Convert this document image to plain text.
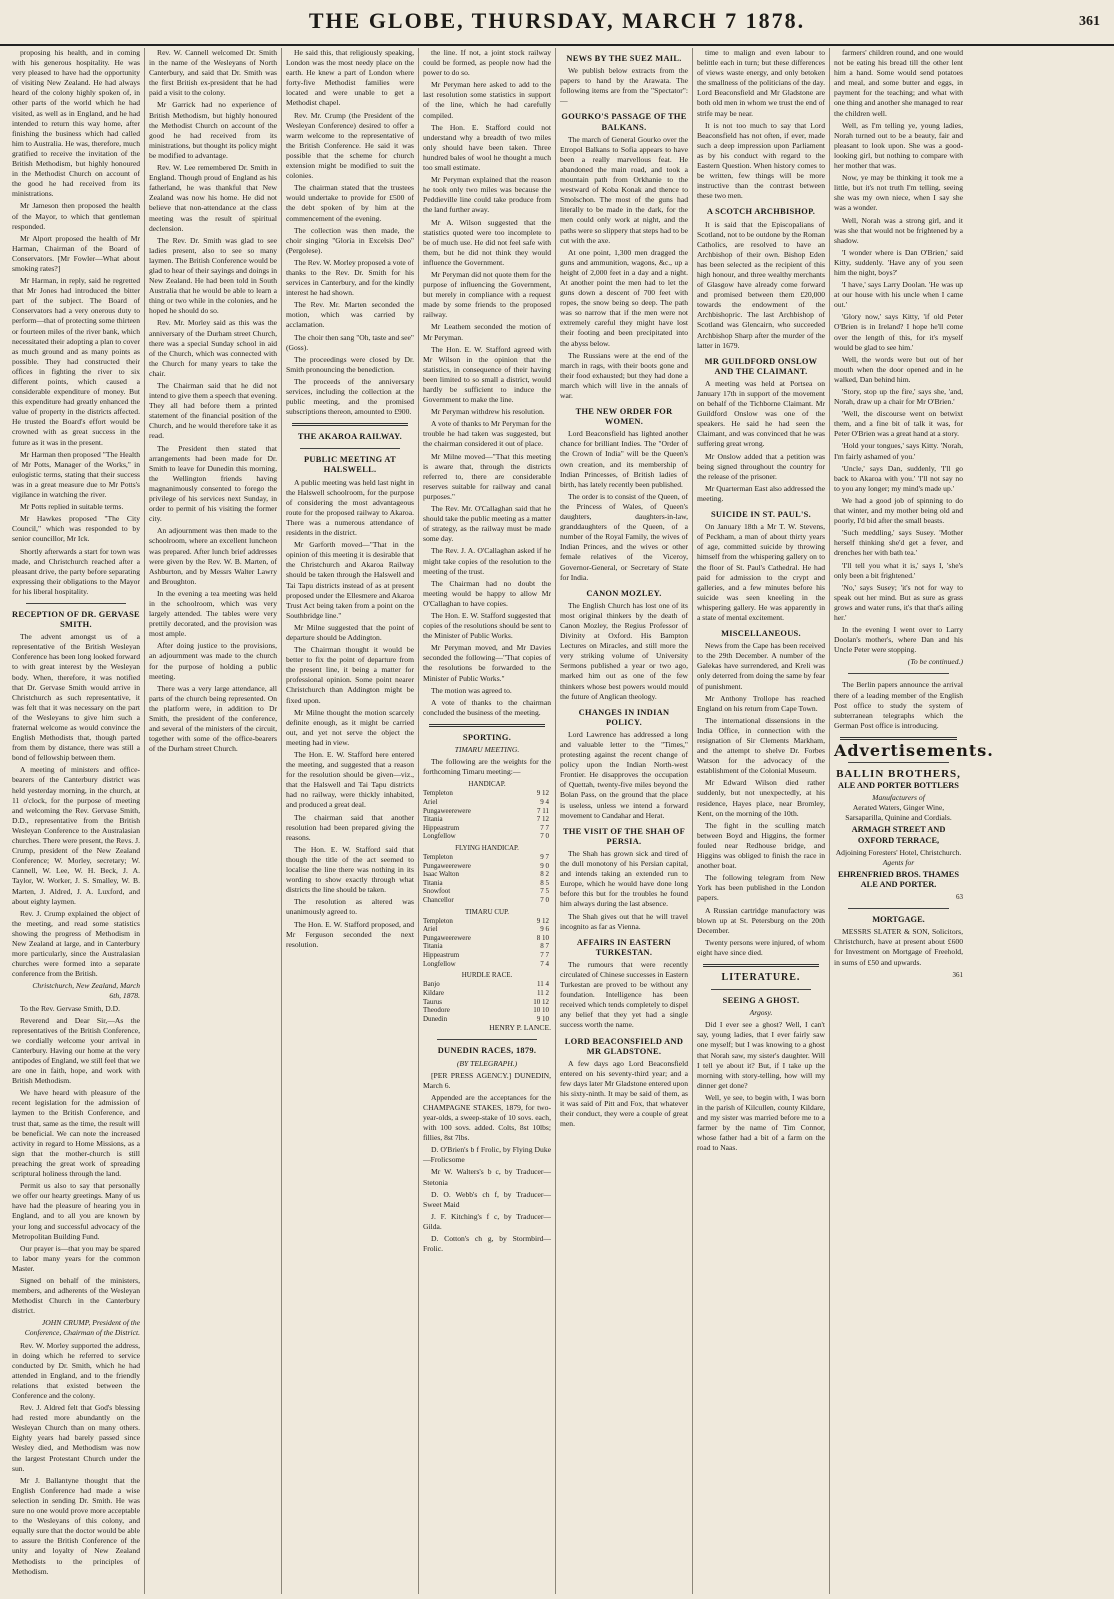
THE GLOBE, THURSDAY, MARCH 7 1878.	361

proposing his health, and in coming with his generous hospitality. He was very pleased to have had the opportunity of visiting New Zealand. He had always heard of the colony highly spoken of, in other parts of the world which he had visited, as well as in England, and he had intended to return this way home, after finishing the business which had called him to Australia. He was, therefore, much gratified to receive the invitation of the British Methodism, but highly honoured in the Methodist Church on account of the good he had received from its ministrations.

Mr Jameson then proposed the health of the Mayor, to which that gentleman responded.

Mr Alport proposed the health of Mr Harman, Chairman of the Board of Conservators. [Mr Fowler—What about smoking rates?]

Mr Harman, in reply, said he regretted that Mr Jones had introduced the bitter part of the subject. The Board of Conservators had a very onerous duty to perform—that of protecting some thirteen or fourteen miles of the river bank, which necessitated their adopting a plan to cover as much ground and as many points as possible. They had constructed their offices in fighting the river to six different points, which caused a considerable expenditure of money. But this expenditure had greatly enhanced the value of property in the districts affected. He trusted the Board's effort would be crowned with as great success in the future as it was in the present.

Mr Harman then proposed "The Health of Mr Potts, Manager of the Works," in eulogistic terms, stating that their success was in a great measure due to Mr Potts's vigilance in watching the river.

Mr Potts replied in suitable terms.

Mr Hawkes proposed "The City Council," which was responded to by senior councillor, Mr Ick.

Shortly afterwards a start for town was made, and Christchurch reached after a pleasant drive, the party before separating expressing their obligations to the Mayor for his liberal hospitality.

RECEPTION OF DR. GERVASE SMITH.

The advent amongst us of a representative of the British Wesleyan Conference has been long looked forward to with great interest by the Wesleyan body. When, therefore, it was notified that Dr. Gervase Smith would arrive in Christchurch as such representative, it was felt that it was necessary on the part of the Wesleyans to give him such a fraternal welcome as would convince the English Methodists that, though parted from them by distance, there was still a bond of fellowship between them.

A meeting of ministers and office-bearers of the Canterbury district was held yesterday morning, in the church, at 11 o'clock, for the purpose of meeting and welcoming the Rev. Gervase Smith, D.D., representative from the British Wesleyan Conference to the Australasian churches. There were present, the Revs. J. Crump, president of the New Zealand Conference; W. Morley, secretary; W. Cannell, W. Lee, W. H. Beck, J. A. Taylor, W. Worker, J. S. Smalley, W. B. Marten, J. Aldred, J. A. Luxford, and about eighty laymen.

Rev. J. Crump explained the object of the meeting, and read some statistics showing the progress of Methodism in New Zealand at large, and in Canterbury more particularly, since the Australasian churches were formed into a separate conference from the British.

Christchurch, New Zealand, March 6th, 1878.

To the Rev. Gervase Smith, D.D.

Reverend and Dear Sir,—As the representatives of the British Conference, we cordially welcome your arrival in Canterbury. Having our home at the very antipodes of England, we still feel that we are one in faith, hope, and work with British Methodism.

We have heard with pleasure of the recent legislation for the admission of laymen to the British Conference, and trust that, same as the time, the result will be beneficial. We can note the increased activity in regard to Home Missions, as a sign that the mother-church is still preaching the great work of spreading scriptural holiness through the land.

Permit us also to say that personally we offer our hearty greetings. Many of us have had the pleasure of hearing you in England, and to all you are known by your long and successful advocacy of the Metropolitan Building Fund.

Our prayer is—that you may be spared to labor many years for the common Master.

Signed on behalf of the ministers, members, and adherents of the Wesleyan Methodist Church in the Canterbury district.

JOHN CRUMP, President of the Conference, Chairman of the District.

Rev. W. Morley supported the address, in doing which he referred to service conducted by Dr. Smith, which he had attended in England, and to the friendly relations that existed between the Conference and the colony.

Rev. J. Aldred felt that God's blessing had rested more abundantly on the Wesleyan Church than on many others. Eighty years had barely passed since Wesley died, and Methodism was now the largest Protestant Church under the sun.

Mr J. Ballantyne thought that the English Conference had made a wise selection in sending Dr. Smith. He was sure no one would prove more acceptable to the Wesleyans of this colony, and equally sure that the doctor would be able to assure the British Conference of the unity and loyalty of New Zealand Methodists to the principles of Methodism.

Rev. W. Cannell welcomed Dr. Smith in the name of the Wesleyans of North Canterbury, and said that Dr. Smith was the first British ex-president that he had paid a visit to the colony.

Mr Garrick had no experience of British Methodism, but highly honoured the Methodist Church on account of the good he had received from its ministrations, but thought its policy might be modified to advantage.

Rev. W. Lee remembered Dr. Smith in England. Though proud of England as his fatherland, he was thankful that New Zealand was now his home. He did not believe that non-attendance at the class meeting was the result of spiritual declension.

The Rev. Dr. Smith was glad to see ladies present, also to see so many laymen. The British Conference would be glad to hear of their sayings and doings in New Zealand. He had been told in South Australia that he would be able to learn a thing or two while in the colonies, and he hoped he should do so.

Rev. Mr. Morley said as this was the anniversary of the Durham street Church, there was a special Sunday school in aid of the Church, which was connected with the Church for many years to take the chair.

The Chairman said that he did not intend to give them a speech that evening. They all had before them a printed statement of the financial position of the Church, and he would therefore take it as read.

The President then stated that arrangements had been made for Dr. Smith to leave for Dunedin this morning, the Wellington friends having magnanimously consented to forego the privilege of his services next Sunday, in order to permit of his visiting the former city.

An adjournment was then made to the schoolroom, where an excellent luncheon was prepared. After lunch brief addresses were given by the Rev. W. B. Marten, of Ashburton, and by Messrs Walter Lawry and Broughton.

In the evening a tea meeting was held in the schoolroom, which was very largely attended. The tables were very prettily decorated, and the provision was most ample.

After doing justice to the provisions, an adjournment was made to the church for the purpose of holding a public meeting.

There was a very large attendance, all parts of the church being represented. On the platform were, in addition to Dr Smith, the president of the conference, and several of the ministers of the circuit, together with some of the office-bearers of the Durham street Church.

He said this, that religiously speaking, London was the most needy place on the earth. He knew a part of London where forty-five Methodist families were located and were unable to get a Methodist chapel.

Rev. Mr. Crump (the President of the Wesleyan Conference) desired to offer a warm welcome to the representative of the British Conference. He said it was possible that the scheme for church extension might be modified to suit the colonies.

The chairman stated that the trustees would undertake to provide for £500 of the debt spoken of by him at the commencement of the evening.

The collection was then made, the choir singing "Gloria in Excelsis Deo" (Pergolese).

The Rev. W. Morley proposed a vote of thanks to the Rev. Dr. Smith for his services in Canterbury, and for the kindly interest he had shown.

The Rev. Mr. Marten seconded the motion, which was carried by acclamation.

The choir then sang "Oh, taste and see" (Goss).

The proceedings were closed by Dr. Smith pronouncing the benediction.

The proceeds of the anniversary services, including the collection at the public meeting, and the promised subscriptions thereon, amounted to £900.

THE AKAROA RAILWAY.
PUBLIC MEETING AT HALSWELL.

A public meeting was held last night in the Halswell schoolroom, for the purpose of considering the most advantageous route for the proposed railway to Akaroa. There was a numerous attendance of residents in the district.

Mr Garforth moved—"That in the opinion of this meeting it is desirable that the Christchurch and Akaroa Railway should be taken through the Halswell and Tai Tapu districts instead of as at present proposed under the Ellesmere and Akaroa Trust Act being taken from a point on the Southbridge line."

Mr Milne suggested that the point of departure should be Addington.

The Chairman thought it would be better to fix the point of departure from the present line, it being a matter for professional opinion. Some point nearer Christchurch than Addington might be fixed upon.

Mr Milne thought the motion scarcely definite enough, as it might be carried out, and yet not serve the object the meeting had in view.

The Hon. E. W. Stafford here entered the meeting, and suggested that a reason for the resolution should be given—viz., that the Halswell and Tai Tapu districts had no railway, were thickly inhabited, and produced a great deal.

The chairman said that another resolution had been prepared giving the reasons.

The Hon. E. W. Stafford said that though the title of the act seemed to localise the line there was nothing in its wording to show exactly through what districts the line should be taken.

The resolution as altered was unanimously agreed to.

The Hon. E. W. Stafford proposed, and Mr Ferguson seconded the next resolution.

the line. If not, a joint stock railway could be formed, as people now had the power to do so.

Mr Peryman here asked to add to the last resolution some statistics in support of the line, which he had carefully compiled.

The Hon. E. Stafford could not understand why a breadth of two miles only should have been taken. Three hundred bales of wool he thought a much too small estimate.

Mr Peryman explained that the reason he took only two miles was because the Peddieville line could take produce from the land further away.

Mr A. Wilson suggested that the statistics quoted were too incomplete to be of much use. He did not feel safe with them, but he did not think they would influence the Government.

Mr Peryman did not quote them for the purpose of influencing the Government, but merely in compliance with a request made by some friends to the proposed railway.

Mr Leathem seconded the motion of Mr Peryman.

The Hon. E. W. Stafford agreed with Mr Wilson in the opinion that the statistics, in consequence of their having been limited to so small a district, would hardly be sufficient to induce the Government to make the line.

Mr Peryman withdrew his resolution.

A vote of thanks to Mr Peryman for the trouble he had taken was suggested, but the chairman considered it out of place.

Mr Milne moved—"That this meeting is aware that, through the districts referred to, there are considerable reserves suitable for railway and canal purposes."

The Rev. Mr. O'Callaghan said that he should take the public meeting as a matter of strategy, as the railway must be made some day.

The Rev. J. A. O'Callaghan asked if he might take copies of the resolution to the meeting of the trust.

The Chairman had no doubt the meeting would be happy to allow Mr O'Callaghan to have copies.

The Hon. E. W. Stafford suggested that copies of the resolutions should be sent to the Minister of Public Works.

Mr Peryman moved, and Mr Davies seconded the following—"That copies of the resolutions be forwarded to the Minister of Public Works."

The motion was agreed to.

A vote of thanks to the chairman concluded the business of the meeting.

SPORTING.
TIMARU MEETING.

The following are the weights for the forthcoming Timaru meeting:—

HANDICAP.
Templeton	9 12
Ariel	9 4
Pungaweerewere	7 11
Titania	7 12
Hippeastrum	7 7
Longfellow	7 0
FLYING HANDICAP.
Templeton	9 7
Pungaweerewere	9 0
Isaac Walton	8 2
Titania	8 5
Snowfoot	7 5
Chancellor	7 0
TIMARU CUP.
Templeton	9 12
Ariel	9 6
Pungaweerewere	8 10
Titania	8 7
Hippeastrum	7 7
Longfellow	7 4
HURDLE RACE.
Banjo	11 4
Kildare	11 2
Taurus	10 12
Theodore	10 10
Dunedin	9 10

HENRY P. LANCE.

DUNEDIN RACES, 1879.
(BY TELEGRAPH.)

[PER PRESS AGENCY.] DUNEDIN, March 6.

Appended are the acceptances for the CHAMPAGNE STAKES, 1879, for two-year-olds, a sweep-stake of 10 sovs. each, with 100 sovs. added. Colts, 8st 10lbs; fillies, 8st 7lbs.

D. O'Brien's b f Frolic, by Flying Duke—Frolicsome

Mr W. Walters's b c, by Traducer—Stetonia

D. O. Webb's ch f, by Traducer—Sweet Maid

J. F. Kitching's f c, by Traducer—Gilda.

D. Cotton's ch g, by Stormbird—Frolic.

NEWS BY THE SUEZ MAIL.

We publish below extracts from the papers to hand by the Arawata. The following items are from the "Spectator":—

GOURKO'S PASSAGE OF THE BALKANS.

The march of General Gourko over the Etropol Balkans to Sofia appears to have been a really marvellous feat. He abandoned the main road, and took a mountain path from Orkhanie to the westward of Koba Konak and thence to Smolschon. The most of the guns had literally to be made in the dark, for the men could only work at night, and the paths were so slippery that steps had to be cut with the axe.

At one point, 1,300 men dragged the guns and ammunition, wagons, &c., up a height of 2,000 feet in a day and a night. At another point the men had to let the guns down a descent of 700 feet with ropes, the snow being so deep. The path was so narrow that if the men were not extremely careful they might have lost their footing and been precipitated into the abyss below.

The Russians were at the end of the march in rags, with their boots gone and their food exhausted; but they had done a march which will live in the annals of war.

THE NEW ORDER FOR WOMEN.

Lord Beaconsfield has lighted another chance for brilliant Indies. The "Order of the Crown of India" will be the Queen's own creation, and its membership of Indian Princesses, of British ladies of birth, has lately recently been published.

The order is to consist of the Queen, of the Princess of Wales, of Queen's daughters, daughters-in-law, granddaughters of the Queen, of a number of the Royal Family, the wives of Indian Princes, and the wives or other female relatives of the Viceroy, Governor-General, or Secretary of State for India.

CANON MOZLEY.

The English Church has lost one of its most original thinkers by the death of Canon Mozley, the Regius Professor of Divinity at Oxford. His Bampton Lectures on Miracles, and still more the very striking volume of University Sermons published a year or two ago, marked him out as one of the few thinkers whose best powers would mould the future of Anglican theology.

CHANGES IN INDIAN POLICY.

Lord Lawrence has addressed a long and valuable letter to the "Times," protesting against the recent change of policy upon the Indian North-west Frontier. He disapproves the occupation of Quettah, twenty-five miles beyond the Bolan Pass, on the ground that the place is useless, unless we intend a forward movement to Candahar and Herat.

THE VISIT OF THE SHAH OF PERSIA.

The Shah has grown sick and tired of the dull monotony of his Persian capital, and intends taking an extended run to Europe, which he would have done long before this but for the troubles he found him always during the last absence.

The Shah gives out that he will travel incognito as far as Vienna.

AFFAIRS IN EASTERN TURKESTAN.

The rumours that were recently circulated of Chinese successes in Eastern Turkestan are proved to be without any foundation. Intelligence has been received which tends completely to dispel any belief that they yet had a single success worth the name.

LORD BEACONSFIELD AND MR GLADSTONE.

A few days ago Lord Beaconsfield entered on his seventy-third year; and a few days later Mr Gladstone entered upon his sixty-ninth. It may be said of them, as it was said of Pitt and Fox, that whatever their conduct, they were a couple of great men.

time to malign and even labour to belittle each in turn; but these differences of views waste energy, and only betoken the smallness of the politicians of the day. Lord Beaconsfield and Mr Gladstone are both old men in whom we trust the end of strife may be near.

It is not too much to say that Lord Beaconsfield has not often, if ever, made such a deep impression upon Parliament as by his conduct with regard to the Eastern Question. When history comes to be written, few things will be more instructive than the contrast between these two men.

A SCOTCH ARCHBISHOP.

It is said that the Episcopalians of Scotland, not to be outdone by the Roman Catholics, are resolved to have an Archbishop of their own. Bishop Eden has been selected as the recipient of this high honour, and three wealthy merchants of Glasgow have already come forward and promised between them £20,000 towards the endowment of the Archbishopric. The last Archbishop of Scotland was Glencairn, who succeeded Archbishop Sharp after the murder of the latter in 1679.

MR GUILDFORD ONSLOW AND THE CLAIMANT.

A meeting was held at Portsea on January 17th in support of the movement on behalf of the Tichborne Claimant. Mr Guildford Onslow was one of the speakers. He said he had seen the Claimant, and was convinced that he was suffering great wrong.

Mr Onslow added that a petition was being signed throughout the country for the release of the prisoner.

Mr Quarterman East also addressed the meeting.

SUICIDE IN ST. PAUL'S.

On January 18th a Mr T. W. Stevens, of Peckham, a man of about thirty years of age, committed suicide by throwing himself from the whispering gallery on to the floor of St. Paul's Cathedral. He had paid for admission to the crypt and galleries, and a few minutes before his suicide was seen kneeling in the whispering gallery. He was apparently in a state of mental excitement.

MISCELLANEOUS.

News from the Cape has been received to the 29th December. A number of the Galekas have surrendered, and Kreli was only deterred from doing the same by fear of punishment.

Mr Anthony Trollope has reached England on his return from Cape Town.

The international dissensions in the India Office, in connection with the resignation of Sir Clements Markham, and the attempt to shelve Dr. Forbes Watson for the advocacy of the establishment of the Colonial Museum.

Mr Edward Wilson died rather suddenly, but not unexpectedly, at his residence, Hayes place, near Bromley, Kent, on the morning of the 10th.

The fight in the sculling match between Boyd and Higgins, the former fouled near Redhouse bridge, and Higgins was obliged to finish the race in another boat.

The following telegram from New York has been published in the London papers.

A Russian cartridge manufactory was blown up at St. Petersburg on the 20th December.

Twenty persons were injured, of whom eight have since died.

LITERATURE.
SEEING A GHOST.
Argosy.

Did I ever see a ghost? Well, I can't say, young ladies, that I ever fairly saw one myself; but I was knowing to a ghost that Norah saw, my sister's daughter. Will I tell ye about it? But, if I take up the morning with story-telling, how will my dinner get done?

Well, ye see, to begin with, I was born in the parish of Kilcullen, county Kildare, and my sister was married before me to a farmer by the name of Tim Connor, whose father had a bit of a farm on the road to Naas.

farmers' children round, and one would not be eating his bread till the other lent him a hand. Some would send potatoes and meal, and some butter and eggs, in payment for the teaching; and what with one thing and another she managed to rear the children well.

Well, as I'm telling ye, young ladies, Norah turned out to be a beauty, fair and pleasant to look upon. She was a good-looking girl, but nothing to compare with her mother that was.

Now, ye may be thinking it took me a little, but it's not truth I'm telling, seeing she was my own niece, when I say she was a wonder.

Well, Norah was a strong girl, and it was she that would not be frightened by a shadow.

'I wonder where is Dan O'Brien,' said Kitty, suddenly. 'Have any of you seen him the night, boys?'

'I have,' says Larry Doolan. 'He was up at our house with his uncle when I came out.'

'Glory now,' says Kitty, 'if old Peter O'Brien is in Ireland? I hope he'll come over the length of this, for it's myself would be glad to see him.'

Well, the words were but out of her mouth when the door opened and in he walked, Dan behind him.

'Story, stop up the fire,' says she, 'and, Norah, draw up a chair for Mr O'Brien.'

'Well, the discourse went on betwixt them, and a fine bit of talk it was, for Peter O'Brien was a great hand at a story.

'Hold your tongues,' says Kitty. 'Norah, I'm fairly ashamed of you.'

'Uncle,' says Dan, suddenly, 'I'll go back to Akaroa with you.' 'I'll not say no to you any longer; my mind's made up.'

We had a good job of spinning to do that winter, and my mother being old and poorly, I'd bid after the small beasts.

'Such meddling,' says Susey. 'Mother herself thinking she'd get a fever, and drenches her with bath tea.'

'I'll tell you what it is,' says I, 'she's only been a bit frightened.'

'No,' says Susey; 'it's not for way to speak out her mind. But as sure as grass grows and water runs, it's that that's ailing her.'

In the evening I went over to Larry Doolan's mother's, where Dan and his Uncle Peter were stopping.

(To be continued.)

The Berlin papers announce the arrival there of a leading member of the English Post office to study the system of subterranean telegraphs which the German Post office is introducing.

Advertisements.
BALLIN BROTHERS,
ALE AND PORTER BOTTLERS
Manufacturers of
Aerated Waters, Ginger Wine, Sarsaparilla, Quinine and Cordials.
ARMAGH STREET AND OXFORD TERRACE,
Adjoining Foresters' Hotel, Christchurch.
Agents for
EHRENFRIED BROS. THAMES ALE AND PORTER.
63
MORTGAGE.

MESSRS SLATER & SON, Solicitors, Christchurch, have at present about £600 for Investment on Mortgage of Freehold, in sums of £50 and upwards.

361
